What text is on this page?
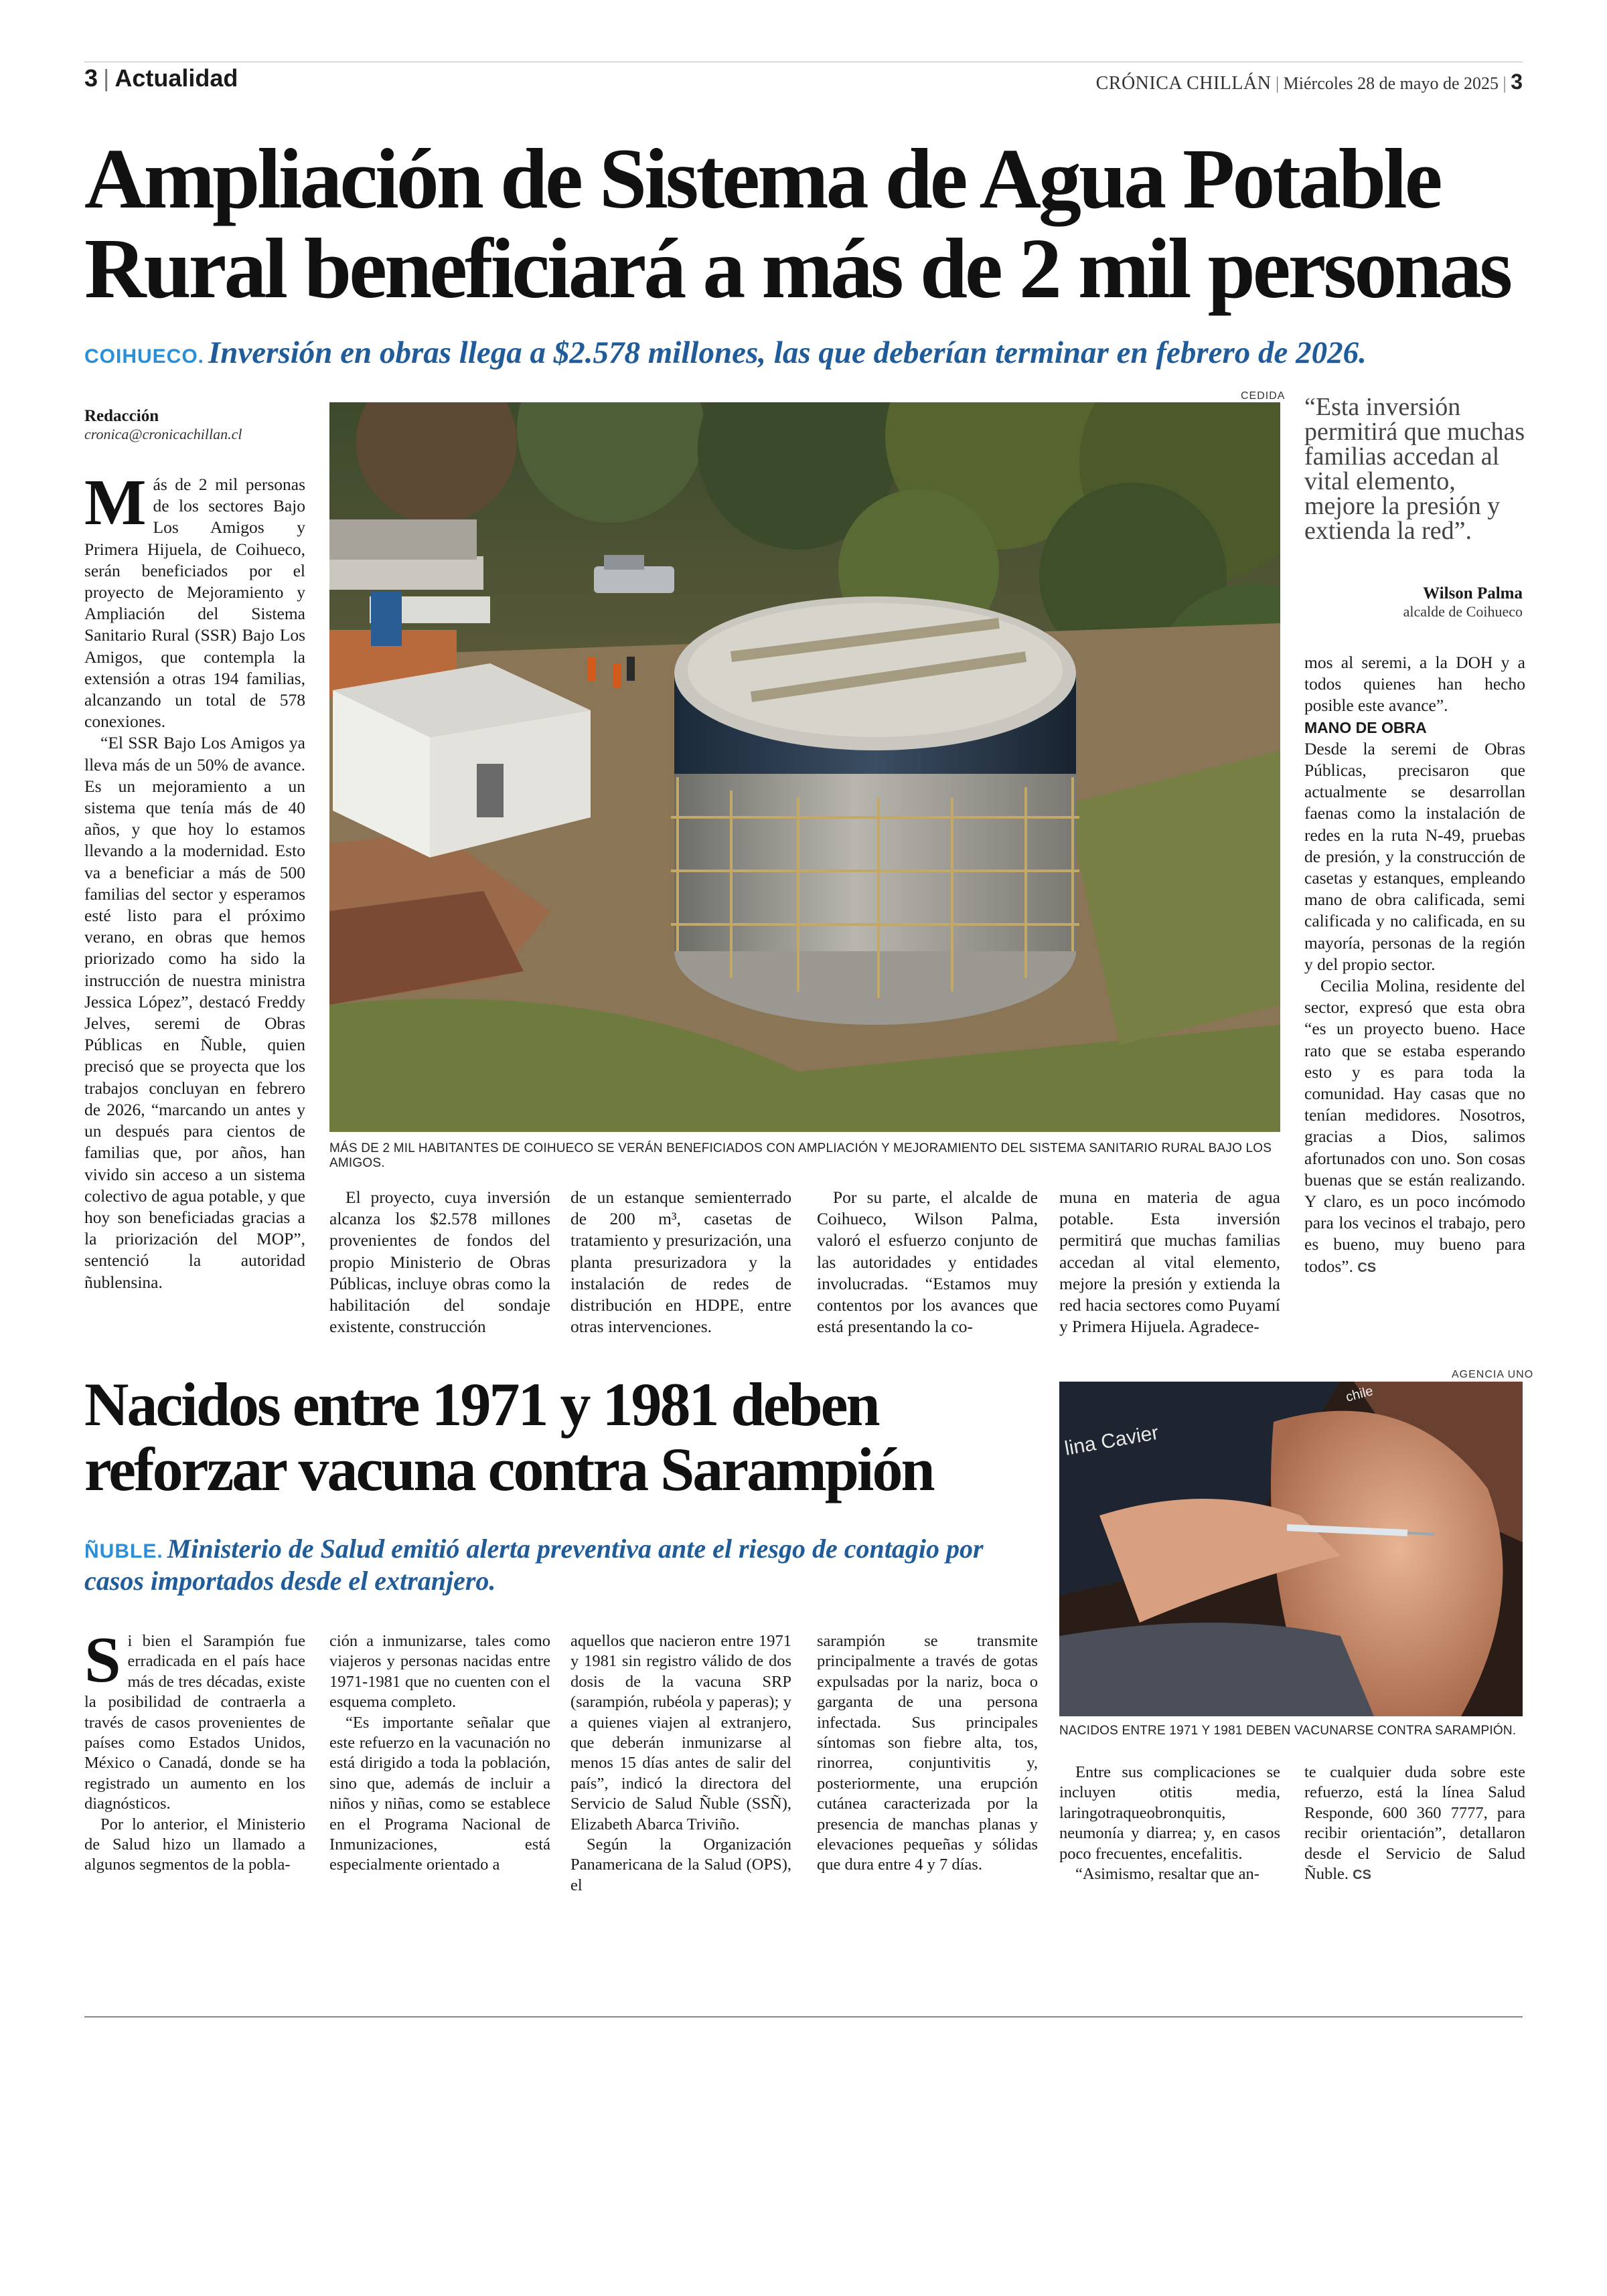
3 | Actualidad	CRÓNICA CHILLÁN | Miércoles 28 de mayo de 2025 | 3
Ampliación de Sistema de Agua Potable
Rural beneficiará a más de 2 mil personas
COIHUECO. Inversión en obras llega a $2.578 millones, las que deberían terminar en febrero de 2026.
Redacción
cronica@cronicachillan.cl

Más de 2 mil personas de los sectores Bajo Los Amigos y Primera Hijuela, de Coihueco, serán beneficiados por el proyecto de Mejoramiento y Ampliación del Sistema Sanitario Rural (SSR) Bajo Los Amigos, que contempla la extensión a otras 194 familias, alcanzando un total de 578 conexiones.

“El SSR Bajo Los Amigos ya lleva más de un 50% de avance. Es un mejoramiento a un sistema que tenía más de 40 años, y que hoy lo estamos llevando a la modernidad. Esto va a beneficiar a más de 500 familias del sector y esperamos esté listo para el próximo verano, en obras que hemos priorizado como ha sido la instrucción de nuestra ministra Jessica López”, destacó Freddy Jelves, seremi de Obras Públicas en Ñuble, quien precisó que se proyecta que los trabajos concluyan en febrero de 2026, “marcando un antes y un después para cientos de familias que, por años, han vivido sin acceso a un sistema colectivo de agua potable, y que hoy son beneficiadas gracias a la priorización del MOP”, sentenció la autoridad ñublensina.

CEDIDA
MÁS DE 2 MIL HABITANTES DE COIHUECO SE VERÁN BENEFICIADOS CON AMPLIACIÓN Y MEJORAMIENTO DEL SISTEMA SANITARIO RURAL BAJO LOS AMIGOS.
“Esta inversión permitirá que muchas familias accedan al vital elemento, mejore la presión y extienda la red”.
Wilson Palma
alcalde de Coihueco

El proyecto, cuya inversión alcanza los $2.578 millones provenientes de fondos del propio Ministerio de Obras Públicas, incluye obras como la habilitación del sondaje existente, construcción

de un estanque semienterrado de 200 m³, casetas de tratamiento y presurización, una planta presurizadora y la instalación de redes de distribución en HDPE, entre otras intervenciones.

Por su parte, el alcalde de Coihueco, Wilson Palma, valoró el esfuerzo conjunto de las autoridades y entidades involucradas. “Estamos muy contentos por los avances que está presentando la co-

muna en materia de agua potable. Esta inversión permitirá que muchas familias accedan al vital elemento, mejore la presión y extienda la red hacia sectores como Puyamí y Primera Hijuela. Agradece-

mos al seremi, a la DOH y a todos quienes han hecho posible este avance”.

MANO DE OBRA

Desde la seremi de Obras Públicas, precisaron que actualmente se desarrollan faenas como la instalación de redes en la ruta N-49, pruebas de presión, y la construcción de casetas y estanques, empleando mano de obra calificada, semi calificada y no calificada, en su mayoría, personas de la región y del propio sector.

Cecilia Molina, residente del sector, expresó que esta obra “es un proyecto bueno. Hace rato que se estaba esperando esto y es para toda la comunidad. Hay casas que no tenían medidores. Nosotros, gracias a Dios, salimos afortunados con uno. Son cosas buenas que se están realizando. Y claro, es un poco incómodo para los vecinos el trabajo, pero es bueno, muy bueno para todos”. CS

Nacidos entre 1971 y 1981 deben
reforzar vacuna contra Sarampión
ÑUBLE. Ministerio de Salud emitió alerta preventiva ante el riesgo de contagio por casos importados desde el extranjero.
AGENCIA UNO
lina Cavier
chile
NACIDOS ENTRE 1971 Y 1981 DEBEN VACUNARSE CONTRA SARAMPIÓN.

Si bien el Sarampión fue erradicada en el país hace más de tres décadas, existe la posibilidad de contraerla a través de casos provenientes de países como Estados Unidos, México o Canadá, donde se ha registrado un aumento en los diagnósticos.

Por lo anterior, el Ministerio de Salud hizo un llamado a algunos segmentos de la pobla-

ción a inmunizarse, tales como viajeros y personas nacidas entre 1971-1981 que no cuenten con el esquema completo.

“Es importante señalar que este refuerzo en la vacunación no está dirigido a toda la población, sino que, además de incluir a niños y niñas, como se establece en el Programa Nacional de Inmunizaciones, está especialmente orientado a

aquellos que nacieron entre 1971 y 1981 sin registro válido de dos dosis de la vacuna SRP (sarampión, rubéola y paperas); y a quienes viajen al extranjero, que deberán inmunizarse al menos 15 días antes de salir del país”, indicó la directora del Servicio de Salud Ñuble (SSÑ), Elizabeth Abarca Triviño.

Según la Organización Panamericana de la Salud (OPS), el

sarampión se transmite principalmente a través de gotas expulsadas por la nariz, boca o garganta de una persona infectada. Sus principales síntomas son fiebre alta, tos, rinorrea, conjuntivitis y, posteriormente, una erupción cutánea caracterizada por la presencia de manchas planas y elevaciones pequeñas y sólidas que dura entre 4 y 7 días.

Entre sus complicaciones se incluyen otitis media, laringotraqueobronquitis, neumonía y diarrea; y, en casos poco frecuentes, encefalitis.

“Asimismo, resaltar que an-

te cualquier duda sobre este refuerzo, está la línea Salud Responde, 600 360 7777, para recibir orientación”, detallaron desde el Servicio de Salud Ñuble. CS
